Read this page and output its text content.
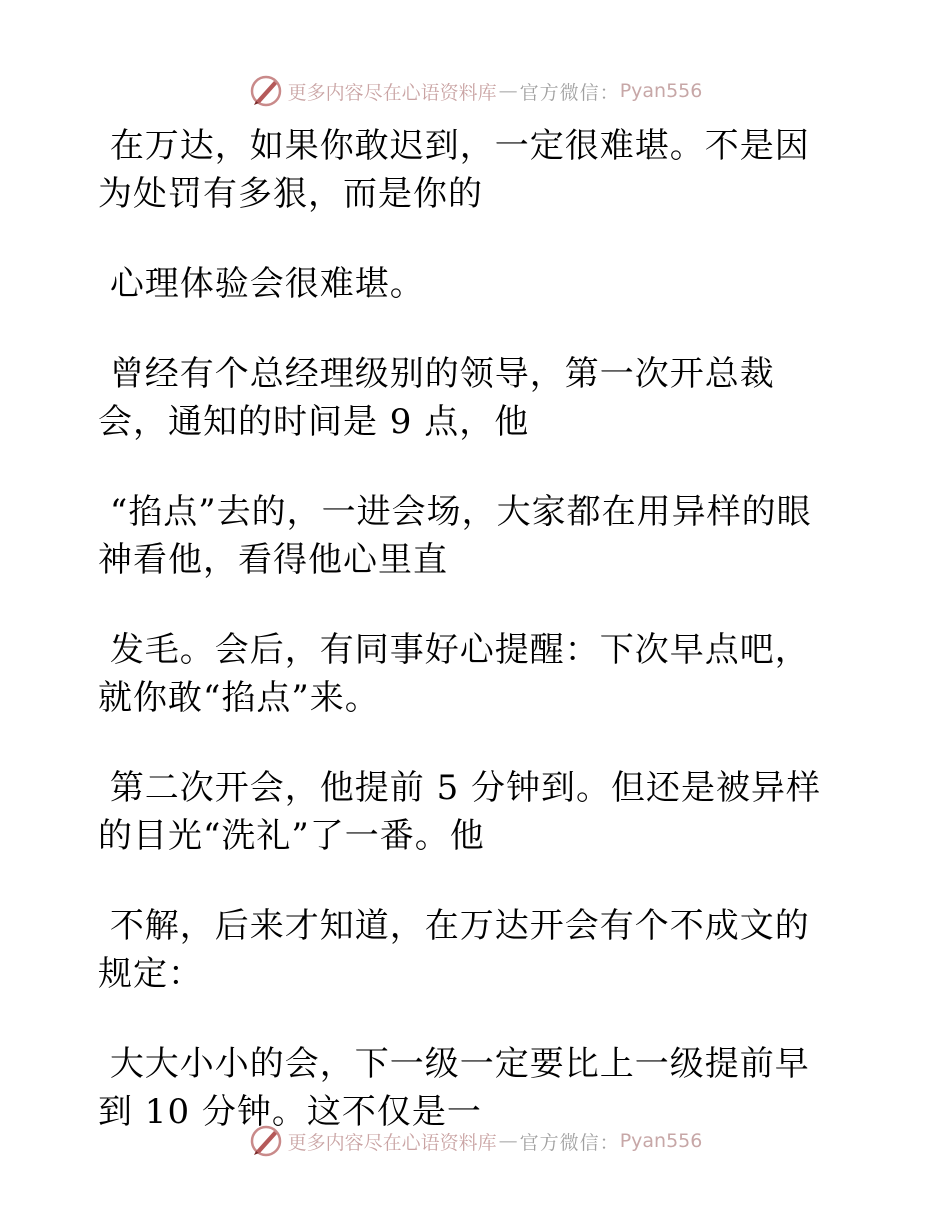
更多内容尽在心语资料库 — 官方微信： Pyan556

在万达，如果你敢迟到，一定很难堪。不是因为处罚有多狠，而是你的

心理体验会很难堪。

曾经有个总经理级别的领导，第一次开总裁会，通知的时间是 9 点，他

“掐点”去的，一进会场，大家都在用异样的眼神看他，看得他心里直

发毛。会后，有同事好心提醒：下次早点吧，就你敢“掐点”来。

第二次开会，他提前 5 分钟到。但还是被异样的目光“洗礼”了一番。他

不解，后来才知道，在万达开会有个不成文的规定：

大大小小的会，下一级一定要比上一级提前早到 10 分钟。这不仅是一

更多内容尽在心语资料库 — 官方微信： Pyan556
